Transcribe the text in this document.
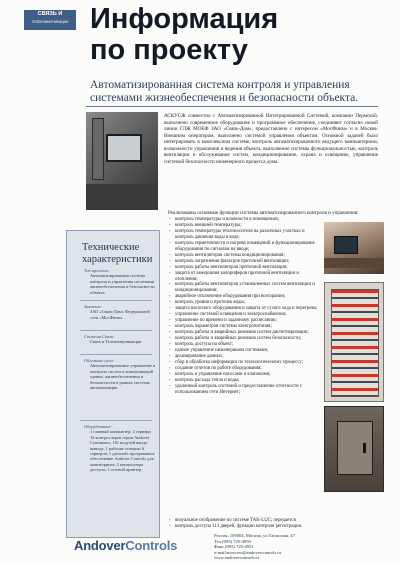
СВЯЗЬ И
ТЕЛЕКОММУНИКАЦИИ Информация
по проекту
Автоматизированная система контроля и управления системами жизнеобеспечения и безопасности объекта.
АСКУСЖ совместно с Автоматизированной Интегрированной Системой, компании Пермской, выполнено современное оборудование и программное обеспечение, соединяют согласно новой линии ГЛЖ МОЕФ ЗАО «Связь-Дом», предоставлено с интересом «МосФинм» и в Москве. Внешним операторам, выполнено системой управления объектом. Основной задачей было интегрировать в комплексном системе, контроль автоматизированного ведущего компьютерном, возможности управления и ведения объекта, выполнение системы функциональностью, контроль вентиляции и обслуживание систем, кондиционирование, охрана и освещение, управление системой безопасности инженерного процесса дома.
Технические
характеристики
Тип проекта:
Автоматизированная система контроля и управления системами жизнеобеспечения и безопасности объекта
Заказчик:
ЗАО «Связь-Дом» Федеральной сети «МосФинм»
Система Связи:
Связь и Телекоммуникации
Объемные цели:
Автоматизированное управление и контроль систем и коммуникаций здания, жизнеобеспечения и безопасности в рамках системы автоматизации
Оборудование:
1 главный компьютер; 2 сервера; 16 контроллеров серии Andover Continuum; 110 модулей ввода-вывода; 1 рабочая станция; 6 серверов; 1 дисплей; программное обеспечение Andover Controls для мониторинга; 2 контроллера доступа; 1 сетевой принтер
Реализованы основные функции системы автоматизированного контроля и управления:
- контроль температуры и влажности в помещениях;
- контроль внешней температуры;
- контроль температуры теплоносителя на различных участках и контроль давления воды в воде;
- контроль герметичности и нагрева помещений и функционирование оборудования по сигналам на вводе;
- контроль вентиляторов системы кондиционирования;
- контроль загрязнения фильтров приточной вентиляции;
- контроль работы вентиляторов приточной вентиляции;
- защита от замерзания калориферов приточной вентиляции и отопления;
- контроль работы вентиляторов установленных систем вентиляции и кондиционирования;
- аварийное отключение оборудования при возгорании;
- контроль уровня и протечек воды;
- защита насосного оборудования и защита от сухого хода и перегрева;
- управление системой освещения и электроснабжения;
- управление по времени и заданному расписанию;
- контроль параметров системы электропитания;
- контроль работы и аварийных режимов систем диспетчеризации;
- контроль работы и аварийных режимов систем безопасности;
- контроль доступа на объект;
- единое управление инженерными системами;
- архивирование данных;
- сбор и обработка информации по технологическому процессу;
- создание отчетов по работе оборудования;
- контроль и управление насосами и клапанами;
- контроль расхода тепла и воды;
- удаленный контроль системой и предоставление отчетности с использованием сети Интернет;
- визуальное отображение по системе TAK-LUC; передается
- контроль доступа 113 дверей, функции контроля регистрации.
AndoverControls
Россия, 109004, Москва, ул.Таганская, 47
Тел.(095) 725-4950
Факс (095) 725-4951
e-mail:moscow@andovercontrols.ru
www.andovercontrols.ru
